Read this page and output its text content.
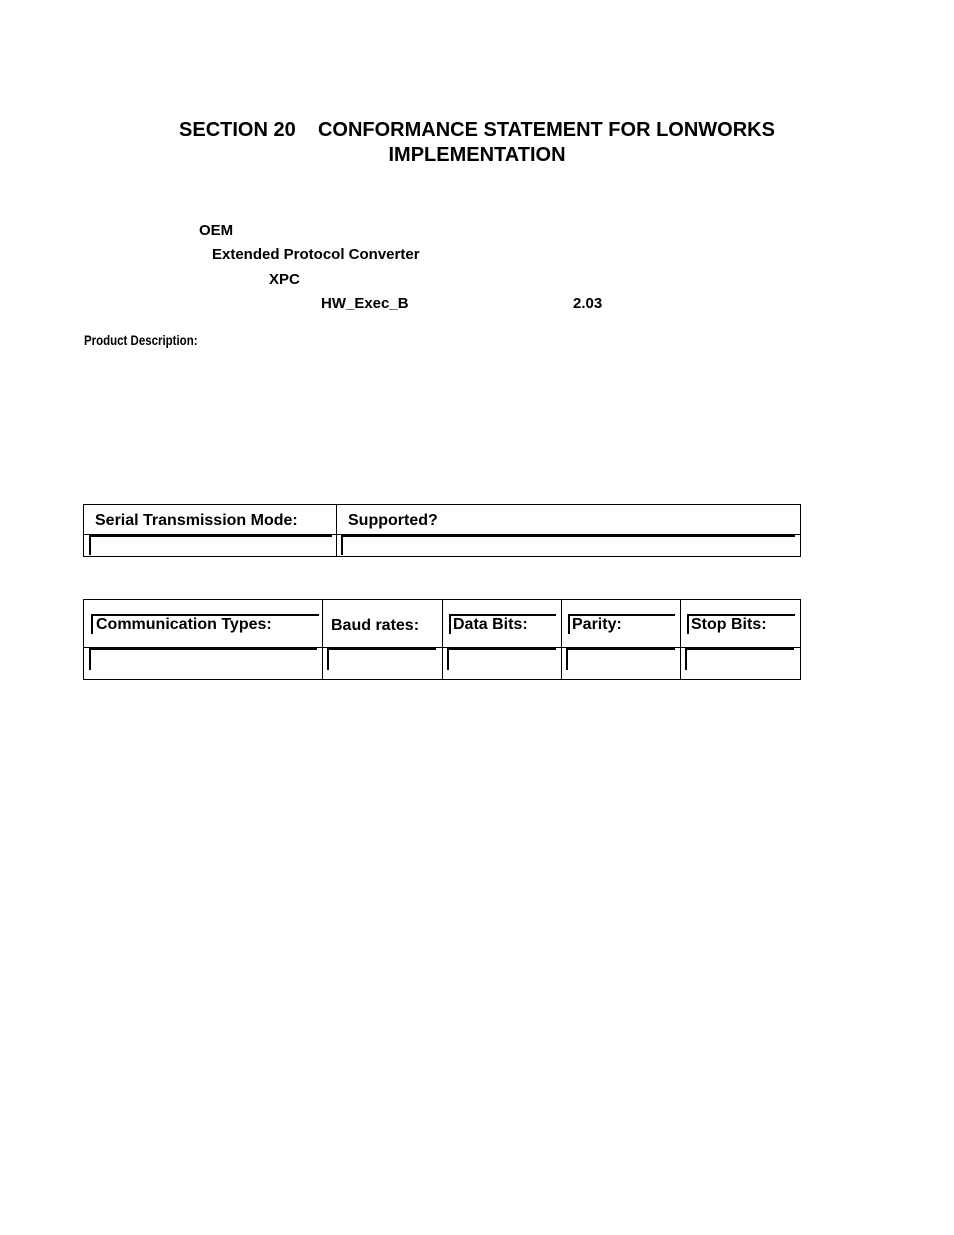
SECTION 20    CONFORMANCE STATEMENT FOR LONWORKS
IMPLEMENTATION
OEM
Extended Protocol Converter
XPC
HW_Exec_B	2.03
Product Description:
Serial Transmission Mode:	Supported?

Communication Types:	Baud rates:	Data Bits:	Parity:	Stop Bits:
